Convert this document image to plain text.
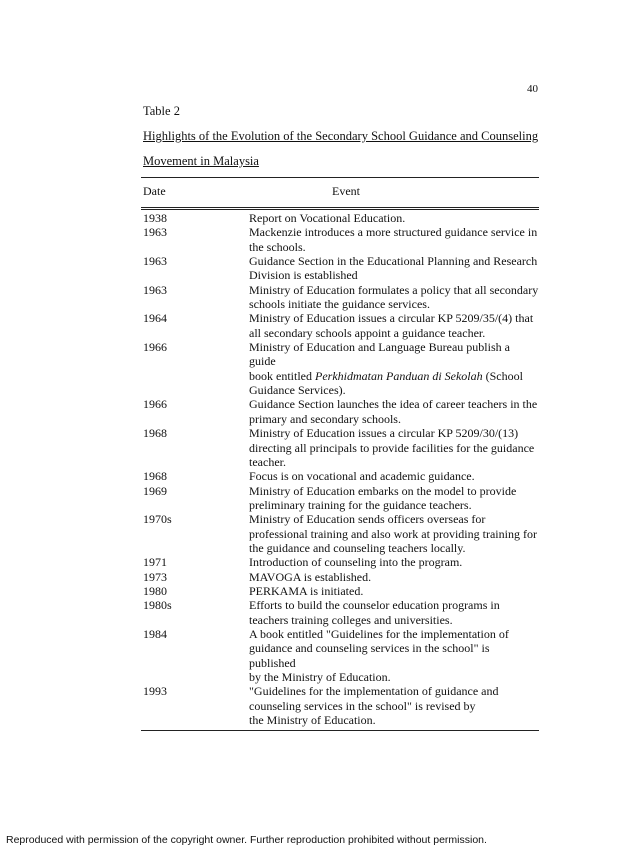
40
Table 2
Highlights of the Evolution of the Secondary School Guidance and Counseling
Movement in Malaysia
Date	Event
1938	Report on Vocational Education.
1963	Mackenzie introduces a more structured guidance service in
the schools.
1963	Guidance Section in the Educational Planning and Research
Division is established
1963	Ministry of Education formulates a policy that all secondary
schools initiate the guidance services.
1964	Ministry of Education issues a circular KP 5209/35/(4) that
all secondary schools appoint a guidance teacher.
1966	Ministry of Education and Language Bureau publish a guide
book entitled Perkhidmatan Panduan di Sekolah (School
Guidance Services).
1966	Guidance Section launches the idea of career teachers in the
primary and secondary schools.
1968	Ministry of Education issues a circular KP 5209/30/(13)
directing all principals to provide facilities for the guidance
teacher.
1968	Focus is on vocational and academic guidance.
1969	Ministry of Education embarks on the model to provide
preliminary training for the guidance teachers.
1970s	Ministry of Education sends officers overseas for
professional training and also work at providing training for
the guidance and counseling teachers locally.
1971	Introduction of counseling into the program.
1973	MAVOGA is established.
1980	PERKAMA is initiated.
1980s	Efforts to build the counselor education programs in
teachers training colleges and universities.
1984	A book entitled "Guidelines for the implementation of
guidance and counseling services in the school" is published
by the Ministry of Education.
1993	"Guidelines for the implementation of guidance and
counseling services in the school" is revised by
the Ministry of Education.
Reproduced with permission of the copyright owner. Further reproduction prohibited without permission.
